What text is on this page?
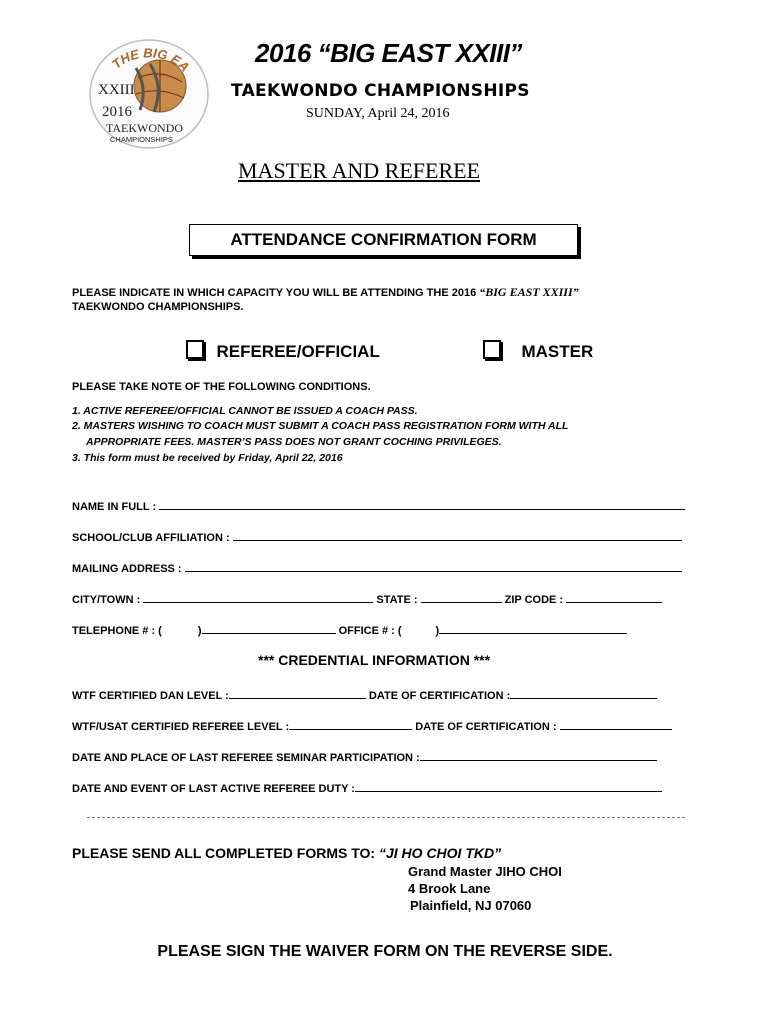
THE BIG EA
XXIII
2016
TAEKWONDO
CHAMPIONSHIPS
2016 “BIG EAST XXIII”
TAEKWONDO CHAMPIONSHIPS
SUNDAY, April 24, 2016
MASTER AND REFEREE
ATTENDANCE CONFIRMATION FORM
PLEASE INDICATE IN WHICH CAPACITY YOU WILL BE ATTENDING THE 2016 “BIG EAST XXIII”
TAEKWONDO CHAMPIONSHIPS.
REFEREE/OFFICIAL	MASTER
PLEASE TAKE NOTE OF THE FOLLOWING CONDITIONS.
1. ACTIVE REFEREE/OFFICIAL CANNOT BE ISSUED A COACH PASS.
2. MASTERS WISHING TO COACH MUST SUBMIT A COACH PASS REGISTRATION FORM WITH ALL
APPROPRIATE FEES. MASTER’S PASS DOES NOT GRANT COCHING PRIVILEGES.
3. This form must be received by Friday, April 22, 2016
NAME IN FULL :
SCHOOL/CLUB AFFILIATION :
MAILING ADDRESS :
CITY/TOWN :	STATE :	ZIP CODE :
TELEPHONE # : (	)	OFFICE # : (	)
*** CREDENTIAL INFORMATION ***
WTF CERTIFIED DAN LEVEL :	DATE OF CERTIFICATION :
WTF/USAT CERTIFIED REFEREE LEVEL :	DATE OF CERTIFICATION :
DATE AND PLACE OF LAST REFEREE SEMINAR PARTICIPATION :
DATE AND EVENT OF LAST ACTIVE REFEREE DUTY :
PLEASE SEND ALL COMPLETED FORMS TO: “JI HO CHOI TKD”
Grand Master JIHO CHOI
4 Brook Lane
Plainfield, NJ 07060
PLEASE SIGN THE WAIVER FORM ON THE REVERSE SIDE.
